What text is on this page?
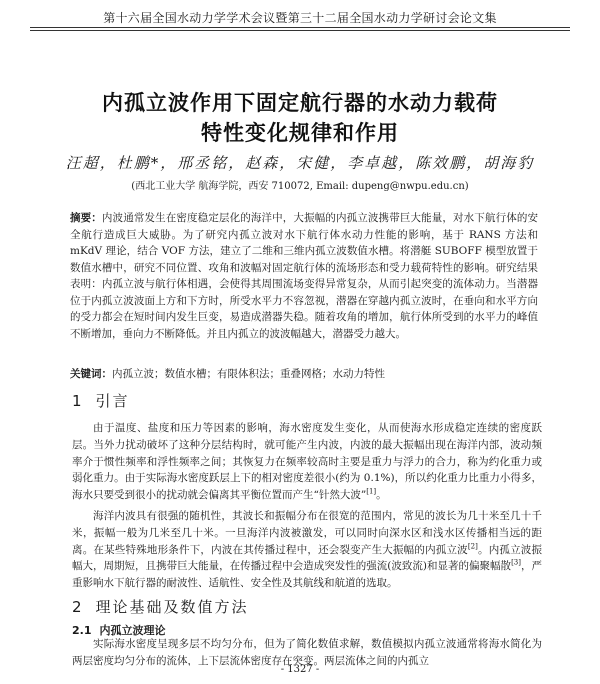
第十六届全国水动力学学术会议暨第三十二届全国水动力学研讨会论文集
内孤立波作用下固定航行器的水动力载荷
特性变化规律和作用
汪超，杜鹏*，邢丞铭，赵森，宋健，李卓越，陈效鹏，胡海豹
(西北工业大学 航海学院，西安 710072, Email: dupeng@nwpu.edu.cn)
摘要：内波通常发生在密度稳定层化的海洋中，大振幅的内孤立波携带巨大能量，对水下航行体的安全航行造成巨大威胁。为了研究内孤立波对水下航行体水动力性能的影响，基于 RANS 方法和 mKdV 理论，结合 VOF 方法，建立了二维和三维内孤立波数值水槽。将潜艇 SUBOFF 模型放置于数值水槽中，研究不同位置、攻角和波幅对固定航行体的流场形态和受力载荷特性的影响。研究结果表明：内孤立波与航行体相遇，会使得其周围流场变得异常复杂，从而引起突变的流体动力。当潜器位于内孤立波波面上方和下方时，所受水平力不容忽视，潜器在穿越内孤立波时，在垂向和水平方向的受力都会在短时间内发生巨变，易造成潜器失稳。随着攻角的增加，航行体所受到的水平力的峰值不断增加，垂向力不断降低。并且内孤立的波波幅越大，潜器受力越大。
关键词：内孤立波；数值水槽；有限体积法；重叠网格；水动力特性
1 引言
由于温度、盐度和压力等因素的影响，海水密度发生变化，从而使海水形成稳定连续的密度跃层。当外力扰动破坏了这种分层结构时，就可能产生内波，内波的最大振幅出现在海洋内部，波动频率介于惯性频率和浮性频率之间；其恢复力在频率较高时主要是重力与浮力的合力，称为约化重力或弱化重力。由于实际海水密度跃层上下的相对密度差很小(约为 0.1%)，所以约化重力比重力小得多，海水只要受到很小的扰动就会偏离其平衡位置而产生“针然大波”[1]。
海洋内波具有很强的随机性，其波长和振幅分布在很宽的范围内，常见的波长为几十米至几十千米，振幅一般为几米至几十米。一旦海洋内波被激发，可以同时向深水区和浅水区传播相当远的距离。在某些特殊地形条件下，内波在其传播过程中，还会裂变产生大振幅的内孤立波[2]。内孤立波振幅大，周期短，且携带巨大能量，在传播过程中会造成突发性的强流(波致流)和显著的偏聚幅散[3]，严重影响水下航行器的耐波性、适航性、安全性及其航线和航道的选取。
2 理论基础及数值方法
2.1 内孤立波理论
实际海水密度呈现多层不均匀分布，但为了简化数值求解，数值模拟内孤立波通常将海水简化为两层密度均匀分布的流体，上下层流体密度存在突变。两层流体之间的内孤立
- 1327 -
